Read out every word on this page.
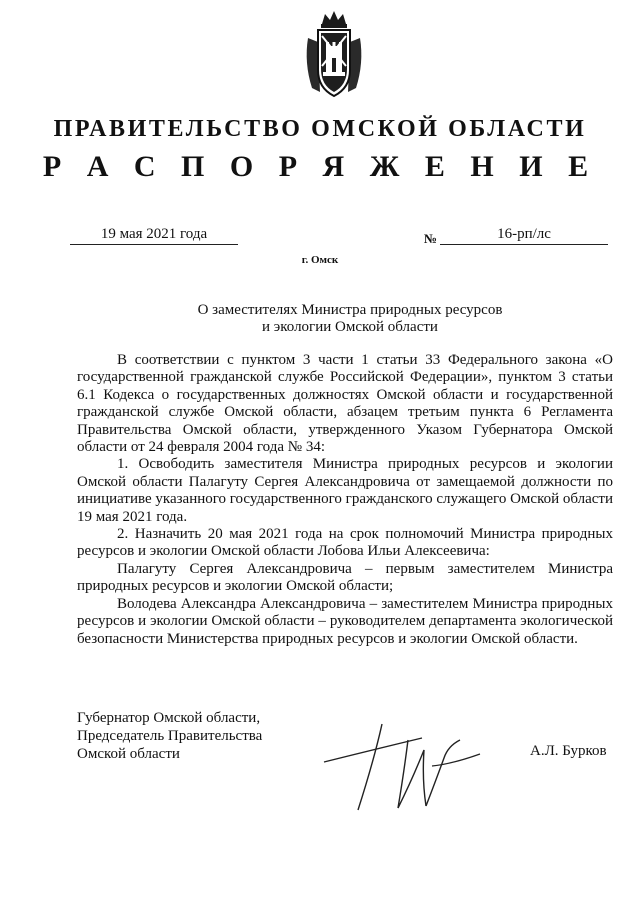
ПРАВИТЕЛЬСТВО ОМСКОЙ ОБЛАСТИ
Р А С П О Р Я Ж Е Н И Е
19 мая 2021 года	№	16-рп/лс
г. Омск
О заместителях Министра природных ресурсов
и экологии Омской области

В соответствии с пунктом 3 части 1 статьи 33 Федерального закона «О государственной гражданской службе Российской Федерации», пунктом 3 статьи 6.1 Кодекса о государственных должностях Омской области и государственной гражданской службе Омской области, абзацем третьим пункта 6 Регламента Правительства Омской области, утвержденного Указом Губернатора Омской области от 24 февраля 2004 года № 34:

1. Освободить заместителя Министра природных ресурсов и экологии Омской области Палагуту Сергея Александровича от замещаемой должности по инициативе указанного государственного гражданского служащего Омской области 19 мая 2021 года.

2. Назначить 20 мая 2021 года на срок полномочий Министра природных ресурсов и экологии Омской области Лобова Ильи Алексеевича:

Палагуту Сергея Александровича – первым заместителем Министра природных ресурсов и экологии Омской области;

Володева Александра Александровича – заместителем Министра природных ресурсов и экологии Омской области – руководителем департамента экологической безопасности Министерства природных ресурсов и экологии Омской области.

Губернатор Омской области,
Председатель Правительства
Омской области	А.Л. Бурков
